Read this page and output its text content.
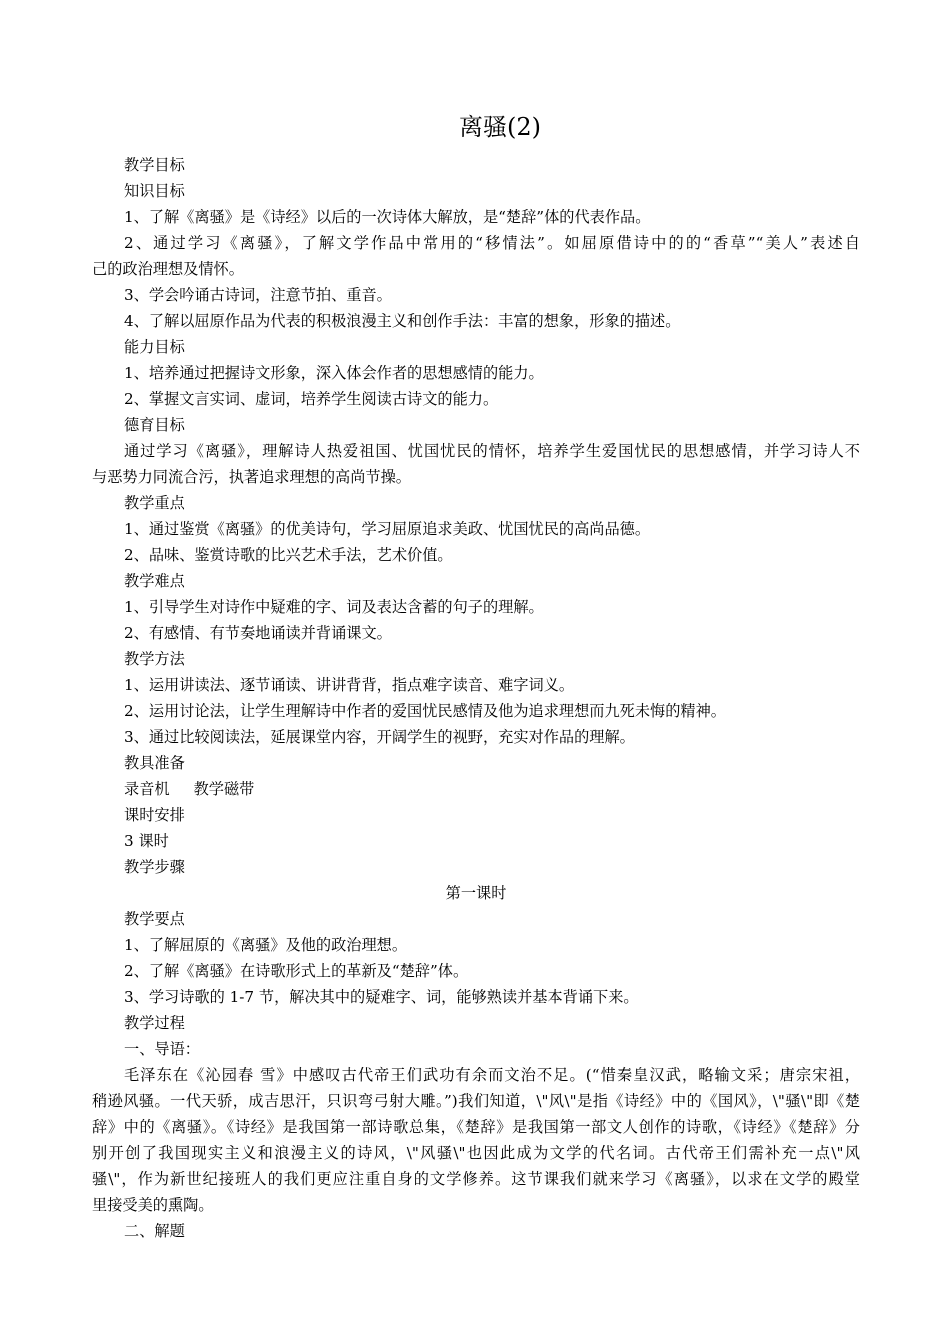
离骚(2)
教学目标
知识目标
1、了解《离骚》是《诗经》以后的一次诗体大解放，是“楚辞”体的代表作品。
2、通过学习《离骚》，了解文学作品中常用的“移情法”。如屈原借诗中的的“香草”“美人”表述自
己的政治理想及情怀。
3、学会吟诵古诗词，注意节拍、重音。
4、了解以屈原作品为代表的积极浪漫主义和创作手法：丰富的想象，形象的描述。
能力目标
1、培养通过把握诗文形象，深入体会作者的思想感情的能力。
2、掌握文言实词、虚词，培养学生阅读古诗文的能力。
德育目标
通过学习《离骚》，理解诗人热爱祖国、忧国忧民的情怀，培养学生爱国忧民的思想感情，并学习诗人不
与恶势力同流合污，执著追求理想的高尚节操。
教学重点
1、通过鉴赏《离骚》的优美诗句，学习屈原追求美政、忧国忧民的高尚品德。
2、品味、鉴赏诗歌的比兴艺术手法，艺术价值。
教学难点
1、引导学生对诗作中疑难的字、词及表达含蓄的句子的理解。
2、有感情、有节奏地诵读并背诵课文。
教学方法
1、运用讲读法、逐节诵读、讲讲背背，指点难字读音、难字词义。
2、运用讨论法，让学生理解诗中作者的爱国忧民感情及他为追求理想而九死未悔的精神。
3、通过比较阅读法，延展课堂内容，开阔学生的视野，充实对作品的理解。
教具准备
录音机 教学磁带
课时安排
3 课时
教学步骤
第一课时
教学要点
1、了解屈原的《离骚》及他的政治理想。
2、了解《离骚》在诗歌形式上的革新及“楚辞”体。
3、学习诗歌的 1-7 节，解决其中的疑难字、词，能够熟读并基本背诵下来。
教学过程
一、导语：
毛泽东在《沁园春 雪》中感叹古代帝王们武功有余而文治不足。(“惜秦皇汉武，略输文采；唐宗宋祖，
稍逊风骚。一代天骄，成吉思汗，只识弯弓射大雕。”)我们知道，\"风\"是指《诗经》中的《国风》，\"骚\"即《楚
辞》中的《离骚》。《诗经》是我国第一部诗歌总集，《楚辞》是我国第一部文人创作的诗歌，《诗经》《楚辞》分
别开创了我国现实主义和浪漫主义的诗风，\"风骚\"也因此成为文学的代名词。古代帝王们需补充一点\"风
骚\"，作为新世纪接班人的我们更应注重自身的文学修养。这节课我们就来学习《离骚》，以求在文学的殿堂
里接受美的熏陶。
二、解题
